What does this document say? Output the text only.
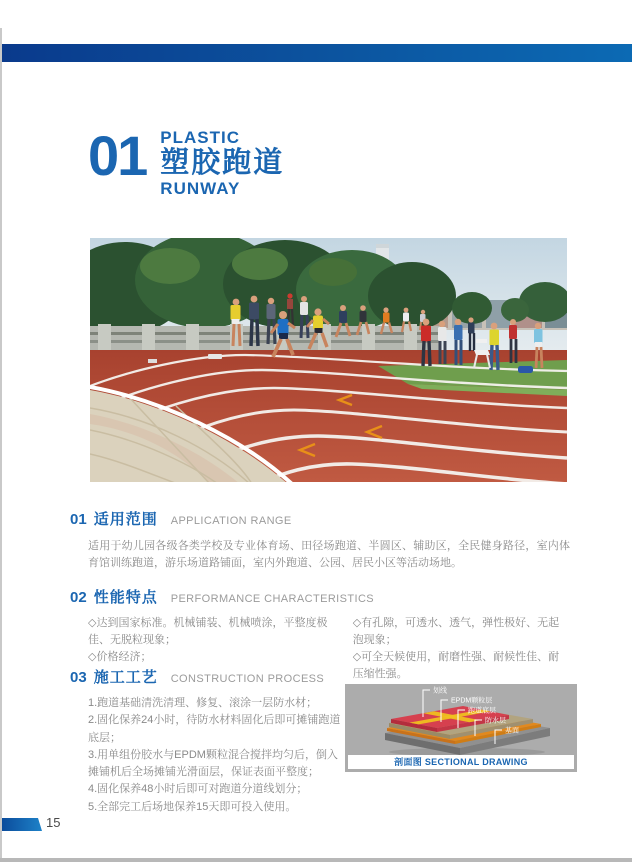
01 PLASTIC
塑胶跑道
RUNWAY
01 适用范围 APPLICATION RANGE
适用于幼儿园各级各类学校及专业体育场、田径场跑道、半圆区、辅助区，全民健身路径，室内体育馆训练跑道，游乐场道路铺面，室内外跑道、公园、居民小区等活动场地。
02 性能特点 PERFORMANCE CHARACTERISTICS
◇达到国家标准。机械铺装、机械喷涂，平整度极佳、无脱粒现象；
◇价格经济；
◇有孔隙，可透水、透气，弹性极好、无起泡现象；
◇可全天候使用，耐磨性强、耐候性佳、耐压缩性强。
03 施工工艺 CONSTRUCTION PROCESS
1.跑道基础清洗清理、修复、滚涂一层防水材；
2.固化保养24小时，待防水材料固化后即可摊铺跑道底层；
3.用单组份胶水与EPDM颗粒混合搅拌均匀后，倒入摊铺机后全场摊铺光滑面层，保证表面平整度；
4.固化保养48小时后即可对跑道分道线划分；
5.全部完工后场地保养15天即可投入使用。
划线
EPDM颗粒层
跑道底层
防水层
基面
剖面图 SECTIONAL DRAWING
15
